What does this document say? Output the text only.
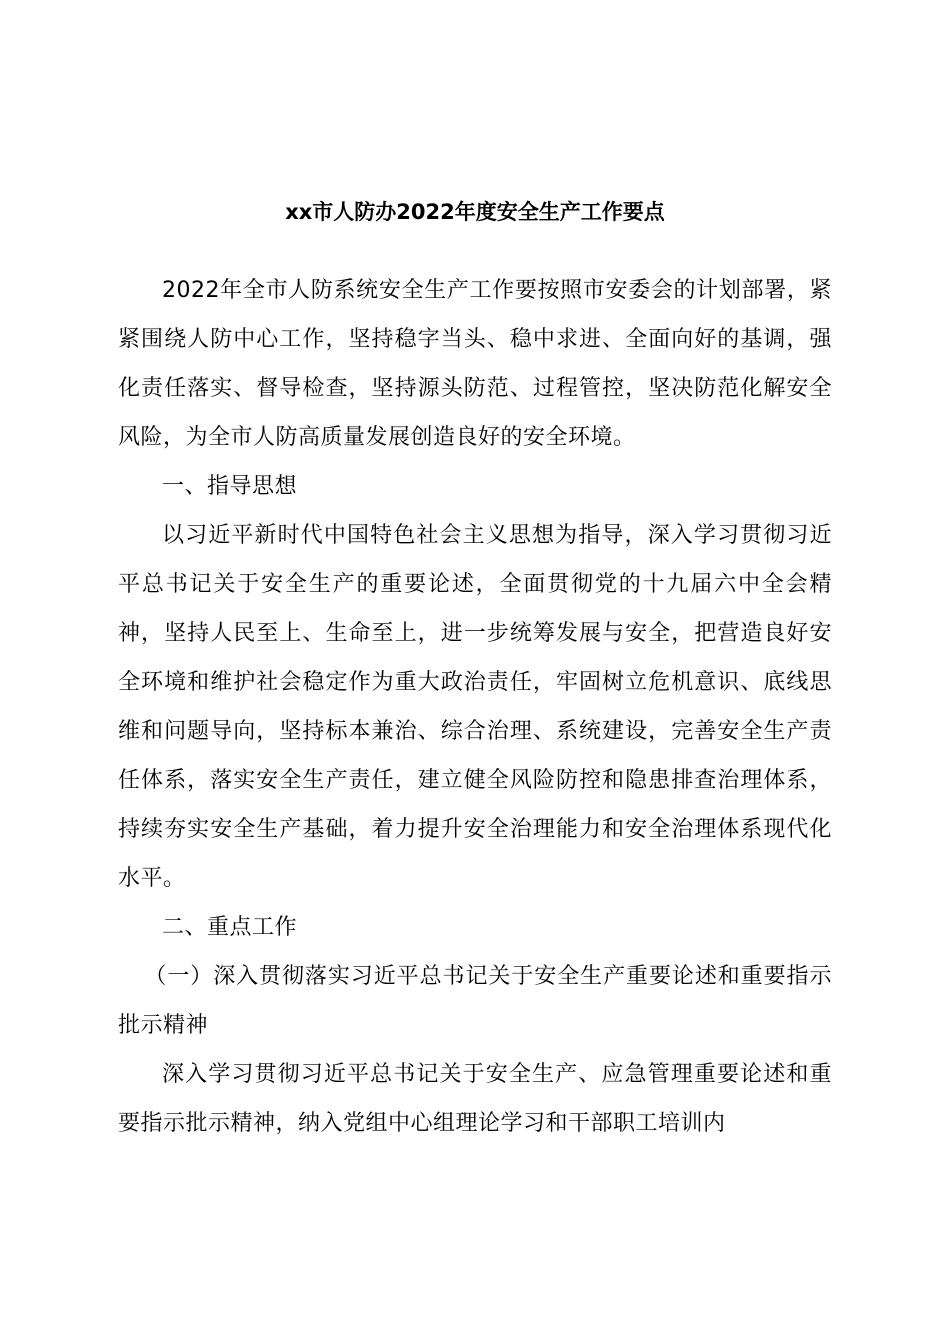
xx市人防办2022年度安全生产工作要点

2022年全市人防系统安全生产工作要按照市安委会的计划部署，紧紧围绕人防中心工作，坚持稳字当头、稳中求进、全面向好的基调，强化责任落实、督导检查，坚持源头防范、过程管控，坚决防范化解安全风险，为全市人防高质量发展创造良好的安全环境。

一、指导思想

以习近平新时代中国特色社会主义思想为指导，深入学习贯彻习近平总书记关于安全生产的重要论述，全面贯彻党的十九届六中全会精神，坚持人民至上、生命至上，进一步统筹发展与安全，把营造良好安全环境和维护社会稳定作为重大政治责任，牢固树立危机意识、底线思维和问题导向，坚持标本兼治、综合治理、系统建设，完善安全生产责任体系，落实安全生产责任，建立健全风险防控和隐患排查治理体系，持续夯实安全生产基础，着力提升安全治理能力和安全治理体系现代化水平。

二、重点工作

（一）深入贯彻落实习近平总书记关于安全生产重要论述和重要指示批示精神

深入学习贯彻习近平总书记关于安全生产、应急管理重要论述和重要指示批示精神，纳入党组中心组理论学习和干部职工培训内
